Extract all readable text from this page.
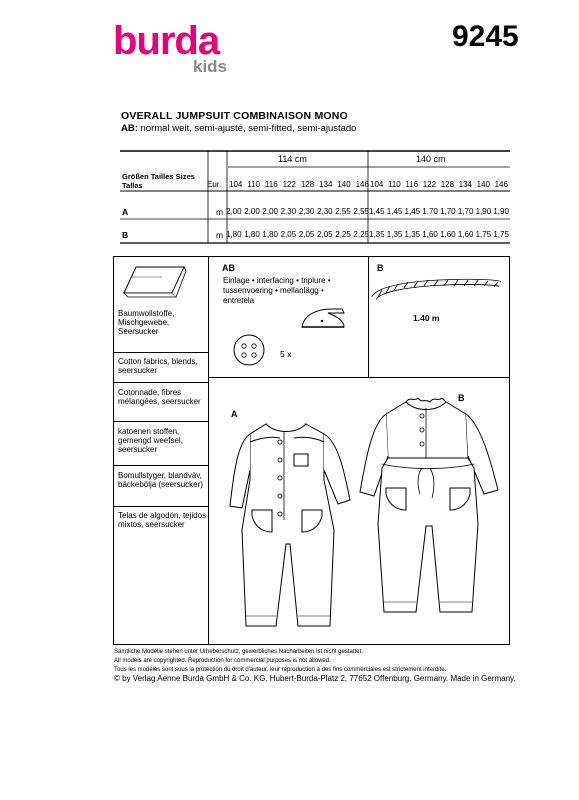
burda
kids
9245
OVERALL JUMPSUIT COMBINAISON MONO
AB: normal weit, semi-ajusté, semi-fitted, semi-ajustado
114 cm	140 cm
Größen Tailles Sizes
Tallas	Eur. 104 110 116 122 128 134 140 146 104 110 116 122 128 134 140 146
A	m 2,00 2,00 2,00 2,30 2,30 2,30 2,55 2,55 1,45 1,45 1,45 1,70 1,70 1,70 1,90 1,90
B	m 1,80 1,80 1,80 2,05 2,05 2,05 2,25 2,25 1,35 1,35 1,35 1,60 1,60 1,60 1,75 1,75
Baumwollstoffe, Mischgewebe, Seersucker
Cotton fabrics, blends, seersucker
Cotonnade, fibres mélangées, seersucker
katoenen stoffen, gemengd weefsel, seersucker
Bomullstyger, blandväv, bäckebölja (seersucker)
Telas de algodón, tejidos mixtos, seersucker
AB
Einlage • interfacing • triplure • tussenvoering • mellanlägg • entretela
5 x
B
1.40 m
A
B
Sämtliche Modelle stehen unter Urheberschutz, gewerbliches Nacharbeiten ist nicht gestattet.
All models are copyrighted. Reproduction for commercial purposes is not allowed.
Tous les modèles sont sous la protection du droit d'auteur, leur reproduction à des fins commerciales est strictement interdite.
© by Verlag Aenne Burda GmbH & Co. KG, Hubert-Burda-Platz 2, 77652 Offenburg, Germany. Made in Germany.
